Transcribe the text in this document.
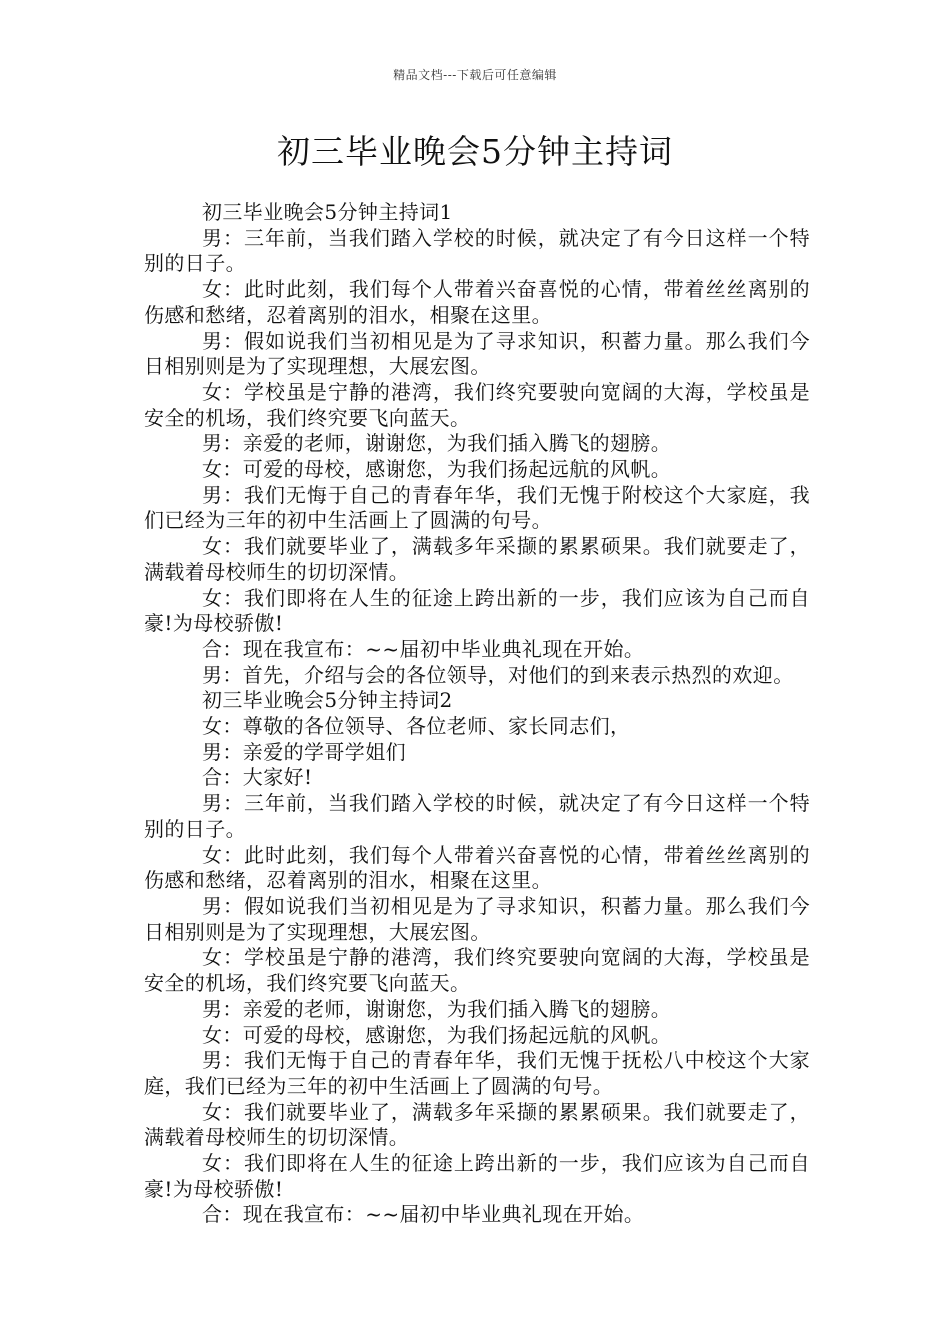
精品文档---下载后可任意编辑
初三毕业晚会5分钟主持词

初三毕业晚会5分钟主持词1

男：三年前，当我们踏入学校的时候，就决定了有今日这样一个特别的日子。

女：此时此刻，我们每个人带着兴奋喜悦的心情，带着丝丝离别的伤感和愁绪，忍着离别的泪水，相聚在这里。

男：假如说我们当初相见是为了寻求知识，积蓄力量。那么我们今日相别则是为了实现理想，大展宏图。

女：学校虽是宁静的港湾，我们终究要驶向宽阔的大海，学校虽是安全的机场，我们终究要飞向蓝天。

男：亲爱的老师，谢谢您，为我们插入腾飞的翅膀。

女：可爱的母校，感谢您，为我们扬起远航的风帆。

男：我们无悔于自己的青春年华，我们无愧于附校这个大家庭，我们已经为三年的初中生活画上了圆满的句号。

女：我们就要毕业了，满载多年采撷的累累硕果。我们就要走了，满载着母校师生的切切深情。

女：我们即将在人生的征途上跨出新的一步，我们应该为自己而自豪!为母校骄傲!

合：现在我宣布：~~届初中毕业典礼现在开始。

男：首先，介绍与会的各位领导，对他们的到来表示热烈的欢迎。

初三毕业晚会5分钟主持词2

女：尊敬的各位领导、各位老师、家长同志们，

男：亲爱的学哥学姐们

合：大家好!

男：三年前，当我们踏入学校的时候，就决定了有今日这样一个特别的日子。

女：此时此刻，我们每个人带着兴奋喜悦的心情，带着丝丝离别的伤感和愁绪，忍着离别的泪水，相聚在这里。

男：假如说我们当初相见是为了寻求知识，积蓄力量。那么我们今日相别则是为了实现理想，大展宏图。

女：学校虽是宁静的港湾，我们终究要驶向宽阔的大海，学校虽是安全的机场，我们终究要飞向蓝天。

男：亲爱的老师，谢谢您，为我们插入腾飞的翅膀。

女：可爱的母校，感谢您，为我们扬起远航的风帆。

男：我们无悔于自己的青春年华，我们无愧于抚松八中校这个大家庭，我们已经为三年的初中生活画上了圆满的句号。

女：我们就要毕业了，满载多年采撷的累累硕果。我们就要走了，满载着母校师生的切切深情。

女：我们即将在人生的征途上跨出新的一步，我们应该为自己而自豪!为母校骄傲!

合：现在我宣布：~~届初中毕业典礼现在开始。
